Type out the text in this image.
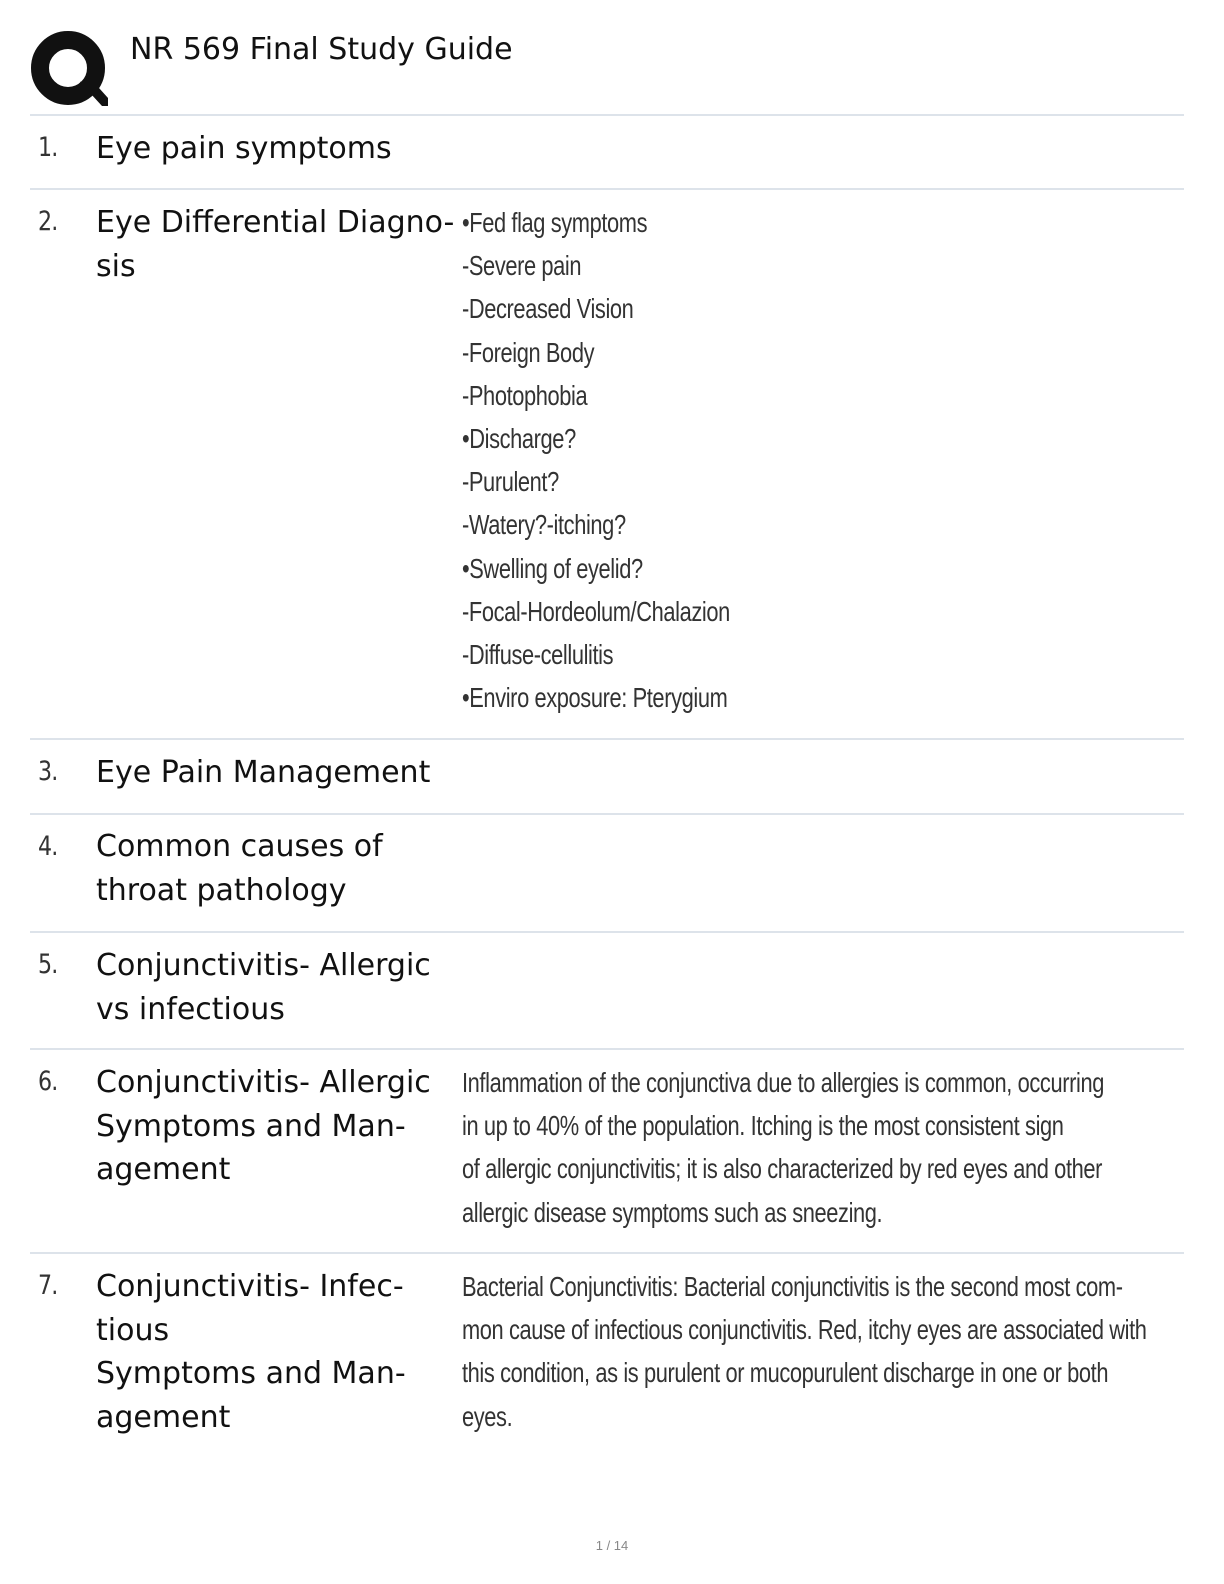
NR 569 Final Study Guide
1. Eye pain symptoms
2. Eye Differential Diagno-
sis
•Fed flag symptoms
-Severe pain
-Decreased Vision
-Foreign Body
-Photophobia
•Discharge?
-Purulent?
-Watery?-itching?
•Swelling of eyelid?
-Focal-Hordeolum/Chalazion
-Diffuse-cellulitis
•Enviro exposure: Pterygium
3. Eye Pain Management
4. Common causes of
throat pathology
5. Conjunctivitis- Allergic
vs infectious
6. Conjunctivitis- Allergic
Symptoms and Man-
agement
Inflammation of the conjunctiva due to allergies is common, occurring
in up to 40% of the population. Itching is the most consistent sign
of allergic conjunctivitis; it is also characterized by red eyes and other
allergic disease symptoms such as sneezing.
7. Conjunctivitis- Infec-
tious
Symptoms and Man-
agement
Bacterial Conjunctivitis: Bacterial conjunctivitis is the second most com-
mon cause of infectious conjunctivitis. Red, itchy eyes are associated with
this condition, as is purulent or mucopurulent discharge in one or both
eyes.
1 / 14
